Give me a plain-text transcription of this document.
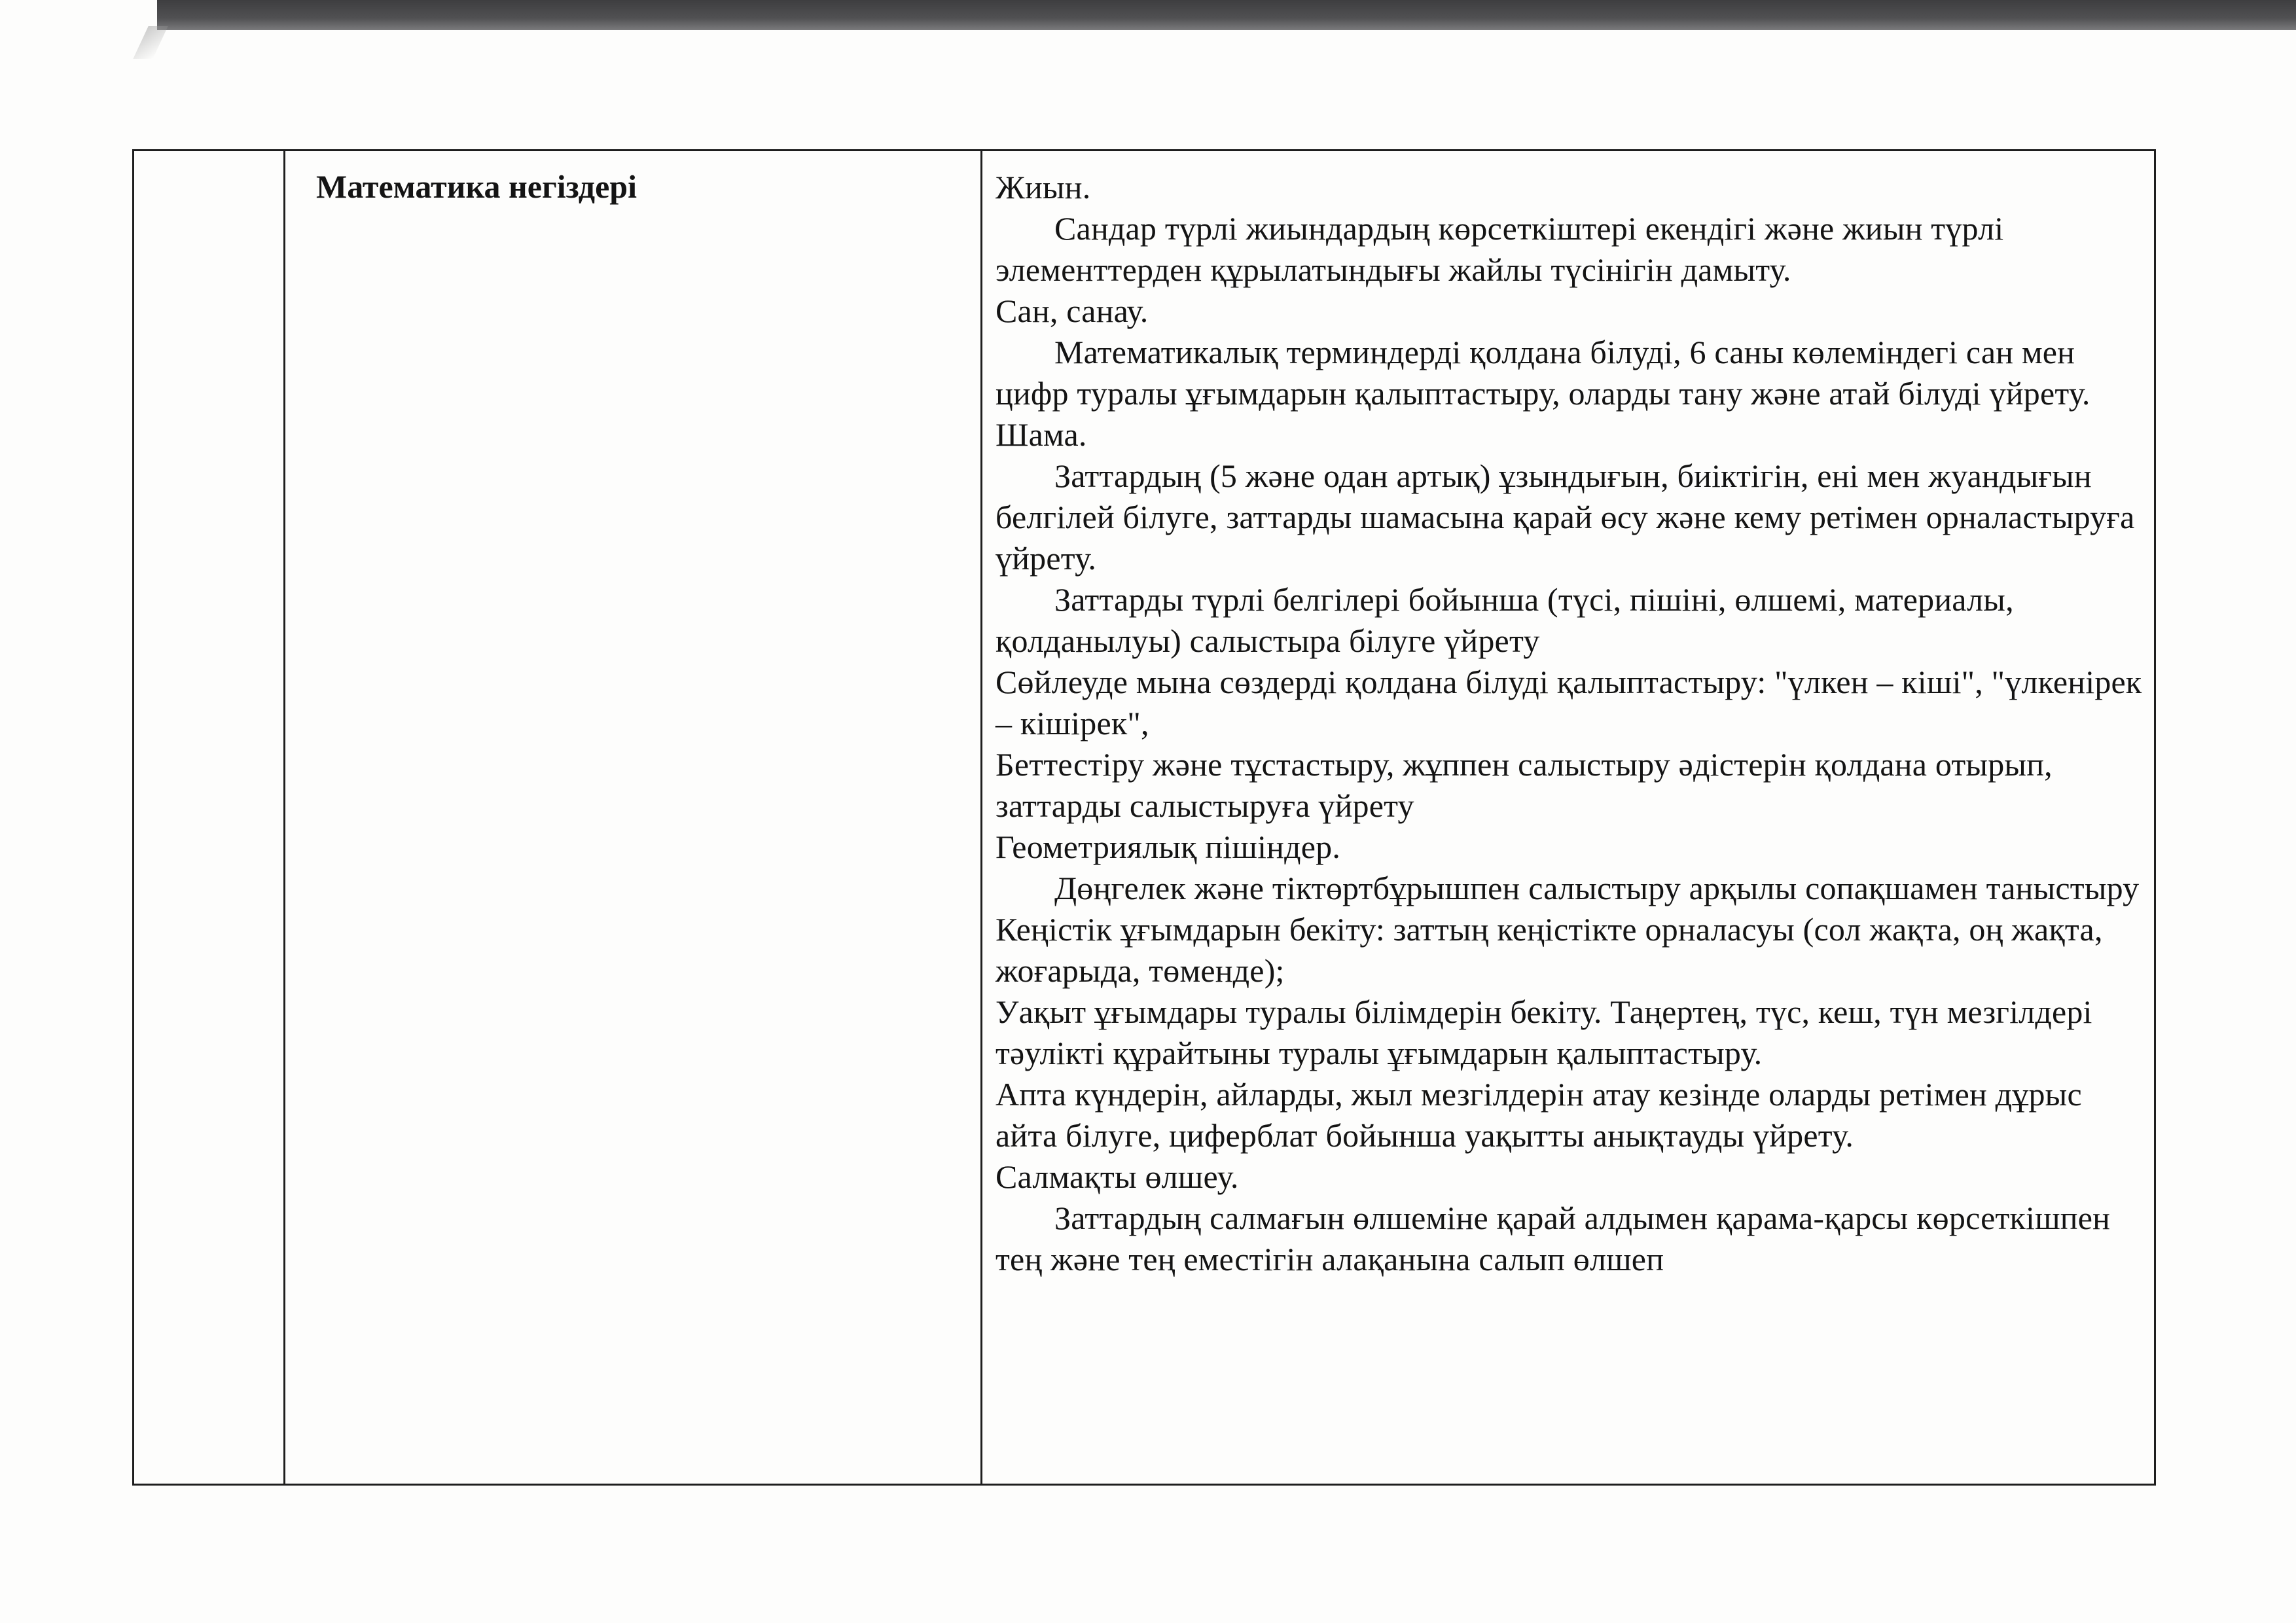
Математика негіздері	Жиын.

Сандар түрлі жиындардың көрсеткіштері екендігі және жиын түрлі элементтерден құрылатындығы жайлы түсінігін дамыту.

Сан, санау.

Математикалық терминдерді қолдана білуді, 6 саны көлеміндегі сан мен цифр туралы ұғымдарын қалыптастыру, оларды тану және атай білуді үйрету.

Шама.

Заттардың (5 және одан артық) ұзындығын, биіктігін, ені мен жуандығын белгілей білуге, заттарды шамасына қарай өсу және кему ретімен орналастыруға үйрету.

Заттарды түрлі белгілері бойынша (түсі, пішіні, өлшемі, материалы, қолданылуы) салыстыра білуге үйрету

Сөйлеуде мына сөздерді қолдана білуді қалыптастыру: "үлкен – кіші", "үлкенірек – кішірек",

Беттестіру және тұстастыру, жұппен салыстыру әдістерін қолдана отырып, заттарды салыстыруға үйрету

Геометриялық пішіндер.

Дөңгелек және тіктөртбұрышпен салыстыру арқылы сопақшамен таныстыру

Кеңістік ұғымдарын бекіту: заттың кеңістікте орналасуы (сол жақта, оң жақта, жоғарыда, төменде);

Уақыт ұғымдары туралы білімдерін бекіту. Таңертең, түс, кеш, түн мезгілдері тәулікті құрайтыны туралы ұғымдарын қалыптастыру.

Апта күндерін, айларды, жыл мезгілдерін атау кезінде оларды ретімен дұрыс айта білуге, циферблат бойынша уақытты анықтауды үйрету.

Салмақты өлшеу.

Заттардың салмағын өлшеміне қарай алдымен қарама-қарсы көрсеткішпен тең және тең еместігін алақанына салып өлшеп
